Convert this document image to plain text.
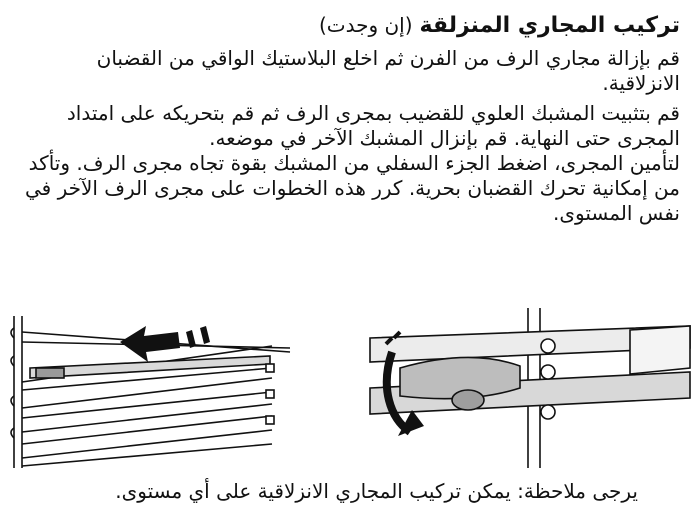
تركيب المجاري المنزلقة (إن وجدت)
قم بإزالة مجاري الرف من الفرن ثم اخلع البلاستيك الواقي من القضبان الانزلاقية.
قم بتثبيت المشبك العلوي للقضيب بمجرى الرف ثم قم بتحريكه على امتداد المجرى حتى النهاية. قم بإنزال المشبك الآخر في موضعه.
لتأمين المجرى، اضغط الجزء السفلي من المشبك بقوة تجاه مجرى الرف. وتأكد من إمكانية تحرك القضبان بحرية. كرر هذه الخطوات على مجرى الرف الآخر في نفس المستوى.
يرجى ملاحظة: يمكن تركيب المجاري الانزلاقية على أي مستوى.
